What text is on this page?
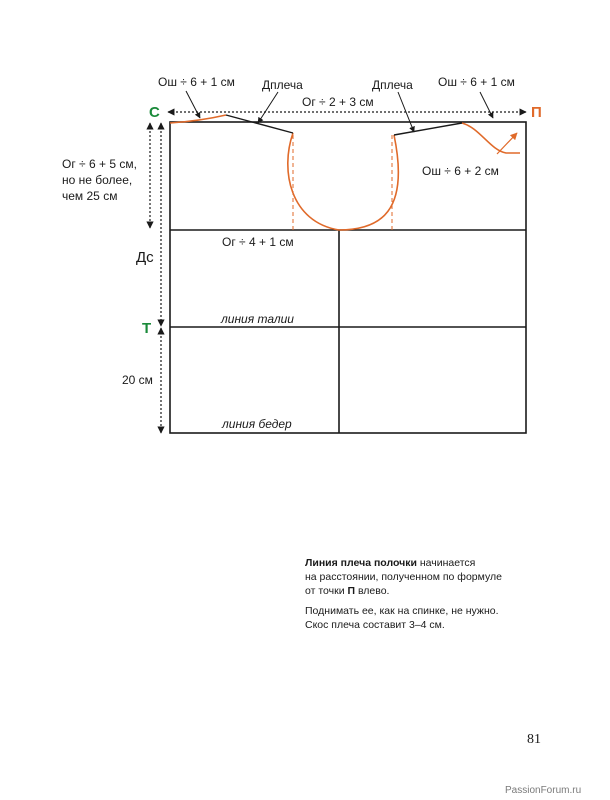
С	П
Т
Дс
Ош ÷ 6 + 1 см Дплеча	Дплеча Ош ÷ 6 + 1 см
Ог ÷ 2 + 3 см
Ош ÷ 6 + 2 см
Ог ÷ 6 + 5 см,
но не более,
чем 25 см
Ог ÷ 4 + 1 см
линия талии
линия бедер
20 см

Линия плеча полочки начинается
на расстоянии, полученном по формуле
от точки П влево.

Поднимать ее, как на спинке, не нужно.
Скос плеча составит 3–4 см.

81
PassionForum.ru
